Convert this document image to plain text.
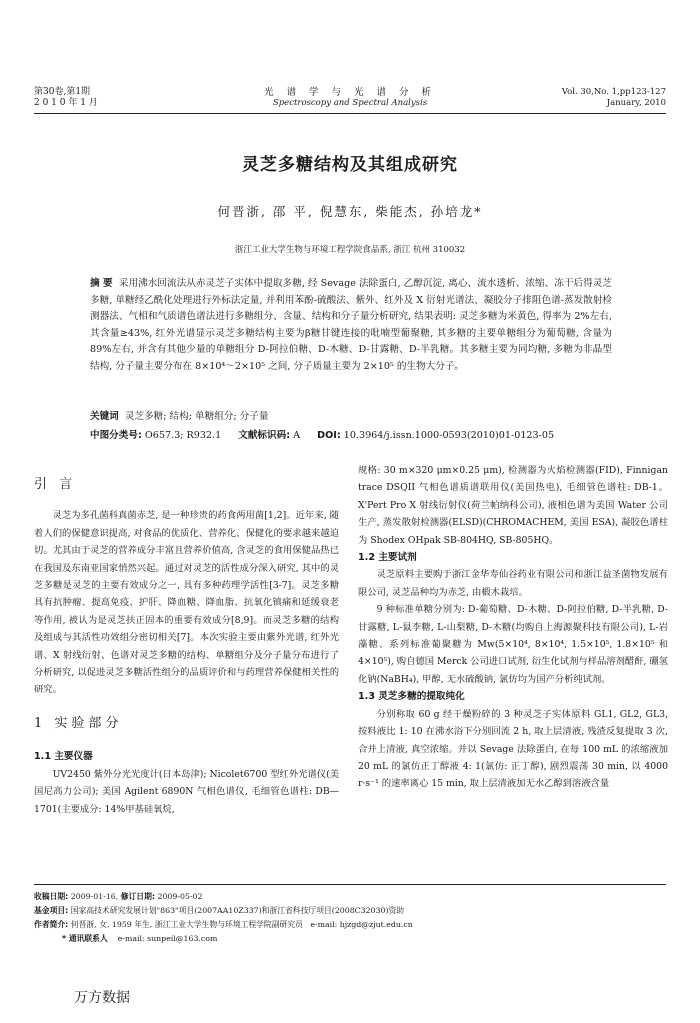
第30卷,第1期
2 0 1 0 年 1 月
光 谱 学 与 光 谱 分 析
Spectroscopy and Spectral Analysis
Vol. 30,No. 1,pp123-127
January, 2010
灵芝多糖结构及其组成研究
何晋浙, 邵 平, 倪慧东, 柴能杰, 孙培龙*
浙江工业大学生物与环境工程学院食品系, 浙江 杭州 310032
摘 要 采用沸水回流法从赤灵芝子实体中提取多糖, 经 Sevage 法除蛋白, 乙醇沉淀, 离心、流水透析、浓缩、冻干后得灵芝多糖, 单糖经乙酰化处理进行外标法定量, 并利用苯酚-硫酸法、紫外、红外及 X 衍射光谱法、凝胶分子排阻色谱-蒸发散射检测器法、气相和气质谱色谱法进行多糖组分、含量、结构和分子量分析研究, 结果表明: 灵芝多糖为米黄色, 得率为 2%左右, 其含量≥43%, 红外光谱显示灵芝多糖结构主要为β糖甘键连接的吡喃型葡聚糖, 其多糖的主要单糖组分为葡萄糖, 含量为 89%左右, 并含有其他少量的单糖组分 D-阿拉伯糖、D-木糖、D-甘露糖、D-半乳糖。其多糖主要为同均糖, 多糖为非晶型结构, 分子量主要分布在 8×10⁴～2×10⁵ 之间, 分子质量主要为 2×10⁵ 的生物大分子。
关键词 灵芝多糖; 结构; 单糖组分; 分子量
中图分类号: O657.3; R932.1 文献标识码: A DOI: 10.3964/j.issn.1000-0593(2010)01-0123-05
引 言

灵芝为多孔菌科真菌赤芝, 是一种珍贵的药食两用菌[1,2]。近年来, 随着人们的保健意识提高, 对食品的优质化、营养化、保健化的要求越来越迫切。尤其由于灵芝的营养成分丰富且营养价值高, 含灵芝的食用保健品热已在我国及东南亚国家悄然兴起。通过对灵芝的活性成分深入研究, 其中的灵芝多糖是灵芝的主要有效成分之一, 具有多种药理学活性[3-7]。灵芝多糖具有抗肿瘤、提高免疫、护肝、降血糖、降血脂、抗氧化镇痛和延缓衰老等作用, 被认为是灵芝扶正固本的重要有效成分[8,9]。而灵芝多糖的结构及组成与其活性功效组分密切相关[7]。本次实验主要由紫外光谱, 红外光谱、X 射线衍射、色谱对灵芝多糖的结构、单糖组分及分子量分布进行了分析研究, 以促进灵芝多糖活性组分的品质评价和与药理营养保健相关性的研究。

1 实验部分
1.1 主要仪器

UV2450 紫外分光光度计(日本岛津); Nicolet6700 型红外光谱仪(美国尼高力公司); 美国 Agilent 6890N 气相色谱仪, 毛细管色谱柱: DB—1701(主要成分: 14%甲基硅氧烷,

规格: 30 m×320 μm×0.25 μm), 检测器为火焰检测器(FID), Finnigan trace DSQII 气相色谱质谱联用仪(美国热电), 毛细管色谱柱: DB-1。X'Pert Pro X 射线衍射仪(荷兰帕纳科公司), 液相色谱为美国 Water 公司生产, 蒸发散射检测器(ELSD)(CHROMACHEM, 美国 ESA), 凝胶色谱柱为 Shodex OHpak SB-804HQ, SB-805HQ。

1.2 主要试剂

灵芝原料主要购于浙江金华寿仙谷药业有限公司和浙江益圣菌物发展有限公司, 灵芝品种均为赤芝, 由椴木栽培。

9 种标准单糖分别为: D-葡萄糖、D-木糖、D-阿拉伯糖, D-半乳糖, D-甘露糖, L-鼠李糖, L-山梨糖, D-木糖(均购自上海源聚科技有限公司), L-岩藻糖、系列标准葡聚糖为 Mw(5×10⁴, 8×10⁴, 1.5×10⁵, 1.8×10⁵ 和 4×10⁵), 购自德国 Merck 公司进口试剂, 衍生化试剂与样品溶剂醋酐, 硼氢化钠(NaBH₄), 甲醇, 无水硫酸钠, 氯仿均为国产分析纯试剂。

1.3 灵芝多糖的提取纯化

分别称取 60 g 经干燥粉碎的 3 种灵芝子实体原料 GL1, GL2, GL3, 按料液比 1: 10 在沸水浴下分别回流 2 h, 取上层清液, 残渣反复提取 3 次, 合并上清液, 真空浓缩。并以 Sevage 法除蛋白, 在每 100 mL 的浓缩液加 20 mL 的氯仿正丁醇液 4: 1(氯仿: 正丁醇), 剧烈震荡 30 min, 以 4000 r·s⁻¹ 的速率离心 15 min, 取上层清液加无水乙醇到溶液含量

收稿日期: 2009-01-16, 修订日期: 2009-05-02
基金项目: 国家高技术研究发展计划"863"项目(2007AA10Z337)和浙江省科技厅项目(2008C32030)资助
作者简介: 何晋浙, 女, 1959 年生, 浙江工业大学生物与环境工程学院副研究员 e-mail: hjzgd@zjut.edu.cn
* 通讯联系人 e-mail: sunpeil@163.com
万方数据
